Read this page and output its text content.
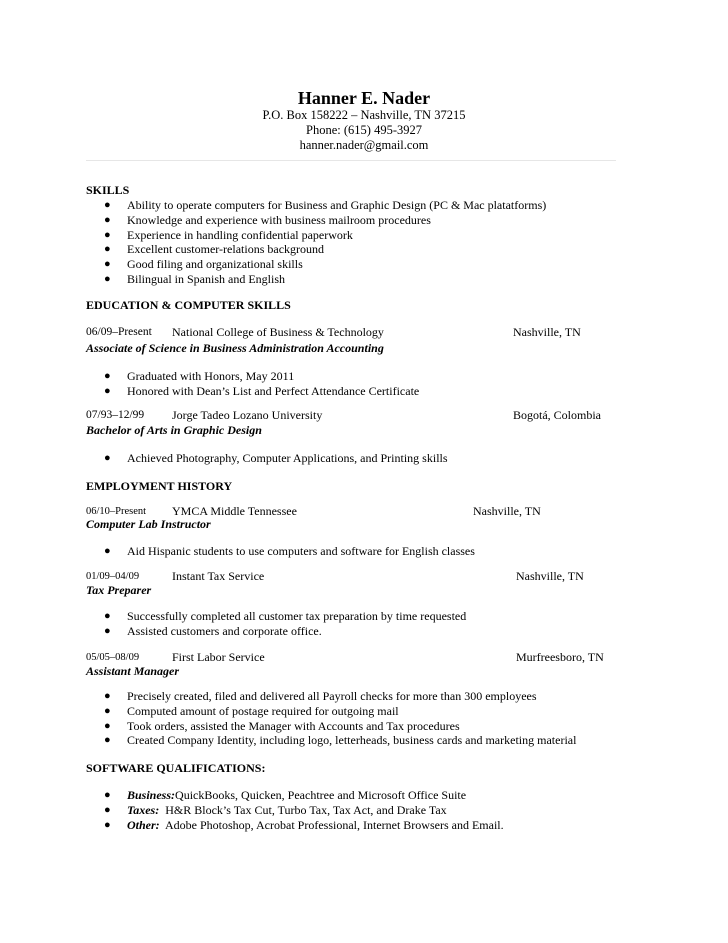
Hanner E. Nader
P.O. Box 158222 – Nashville, TN 37215
Phone: (615) 495-3927
hanner.nader@gmail.com
SKILLS
● Ability to operate computers for Business and Graphic Design (PC & Mac platatforms)
● Knowledge and experience with business mailroom procedures
● Experience in handling confidential paperwork
● Excellent customer-relations background
● Good filing and organizational skills
● Bilingual in Spanish and English
EDUCATION & COMPUTER SKILLS
06/09–Present National College of Business & Technology	Nashville, TN
Associate of Science in Business Administration Accounting
● Graduated with Honors, May 2011
● Honored with Dean’s List and Perfect Attendance Certificate
07/93–12/99 Jorge Tadeo Lozano University	Bogotá, Colombia
Bachelor of Arts in Graphic Design
● Achieved Photography, Computer Applications, and Printing skills
EMPLOYMENT HISTORY
06/10–Present YMCA Middle Tennessee	Nashville, TN
Computer Lab Instructor
● Aid Hispanic students to use computers and software for English classes
01/09–04/09	Instant Tax Service	Nashville, TN
Tax Preparer
● Successfully completed all customer tax preparation by time requested
● Assisted customers and corporate office.
05/05–08/09	First Labor Service	Murfreesboro, TN
Assistant Manager
● Precisely created, filed and delivered all Payroll checks for more than 300 employees
● Computed amount of postage required for outgoing mail
● Took orders, assisted the Manager with Accounts and Tax procedures
● Created Company Identity, including logo, letterheads, business cards and marketing material
SOFTWARE QUALIFICATIONS:
● Business:QuickBooks, Quicken, Peachtree and Microsoft Office Suite
● Taxes:  H&R Block’s Tax Cut, Turbo Tax, Tax Act, and Drake Tax
● Other:  Adobe Photoshop, Acrobat Professional, Internet Browsers and Email.
